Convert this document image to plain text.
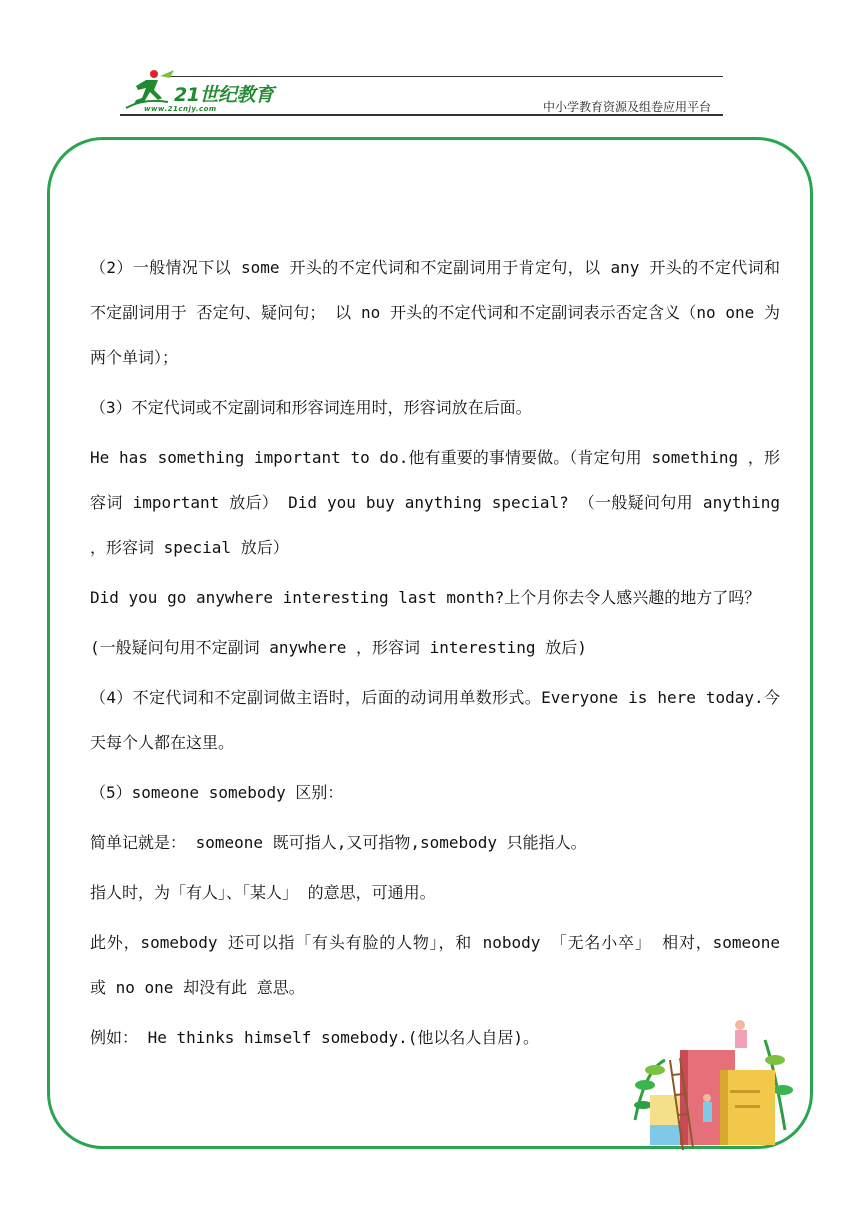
21世纪教育
www.21cnjy.com	中小学教育资源及组卷应用平台

（2）一般情况下以 some 开头的不定代词和不定副词用于肯定句，以 any 开头的不定代词和不定副词用于 否定句、疑问句； 以 no 开头的不定代词和不定副词表示否定含义（no one 为两个单词）；

（3）不定代词或不定副词和形容词连用时，形容词放在后面。

He has something important to do.他有重要的事情要做。（肯定句用 something ，形容词 important 放后） Did you buy anything special? （一般疑问句用 anything ，形容词 special 放后）

Did you go anywhere interesting last month?上个月你去令人感兴趣的地方了吗？

(一般疑问句用不定副词 anywhere ，形容词 interesting 放后)

（4）不定代词和不定副词做主语时，后面的动词用单数形式。Everyone is here today.今天每个人都在这里。

（5）someone somebody 区别：

简单记就是： someone 既可指人,又可指物,somebody 只能指人。

指人时，为「有人」、「某人」 的意思，可通用。

此外，somebody 还可以指「有头有脸的人物」，和 nobody 「无名小卒」 相对，someone 或 no one 却没有此 意思。

例如： He thinks himself somebody.(他以名人自居)。
